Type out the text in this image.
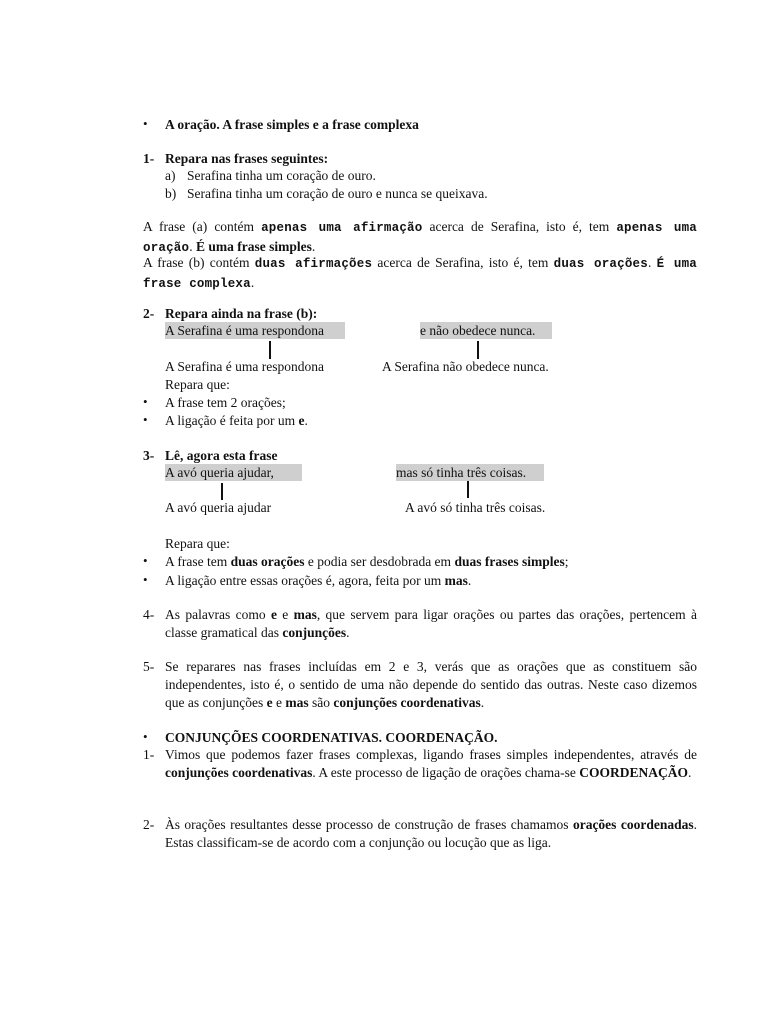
•
A oração. A frase simples e a frase complexa
1- Repara nas frases seguintes:
a) Serafina tinha um coração de ouro.
b) Serafina tinha um coração de ouro e nunca se queixava.
A frase (a) contém apenas uma afirmação acerca de Serafina, isto é, tem apenas uma oração. É uma frase simples.
A frase (b) contém duas afirmações acerca de Serafina, isto é, tem duas orações. É uma frase complexa.
2- Repara ainda na frase (b):
A Serafina é uma respondona	e não obedece nunca.
A Serafina é uma respondona	A Serafina não obedece nunca.
Repara que:
•
A frase tem 2 orações;
•
A ligação é feita por um e.
3- Lê, agora esta frase
A avó queria ajudar,	mas só tinha três coisas.
A avó queria ajudar	A avó só tinha três coisas.
Repara que:
•
A frase tem duas orações e podia ser desdobrada em duas frases simples;
•
A ligação entre essas orações é, agora, feita por um mas.
4- As palavras como e e mas, que servem para ligar orações ou partes das orações, pertencem à classe gramatical das conjunções.
5- Se reparares nas frases incluídas em 2 e 3, verás que as orações que as constituem são independentes, isto é, o sentido de uma não depende do sentido das outras. Neste caso dizemos que as conjunções e e mas são conjunções coordenativas.
•
CONJUNÇÕES COORDENATIVAS. COORDENAÇÃO.
1- Vimos que podemos fazer frases complexas, ligando frases simples independentes, através de conjunções coordenativas. A este processo de ligação de orações chama-se COORDENAÇÃO.
2- Às orações resultantes desse processo de construção de frases chamamos orações coordenadas. Estas classificam-se de acordo com a conjunção ou locução que as liga.
